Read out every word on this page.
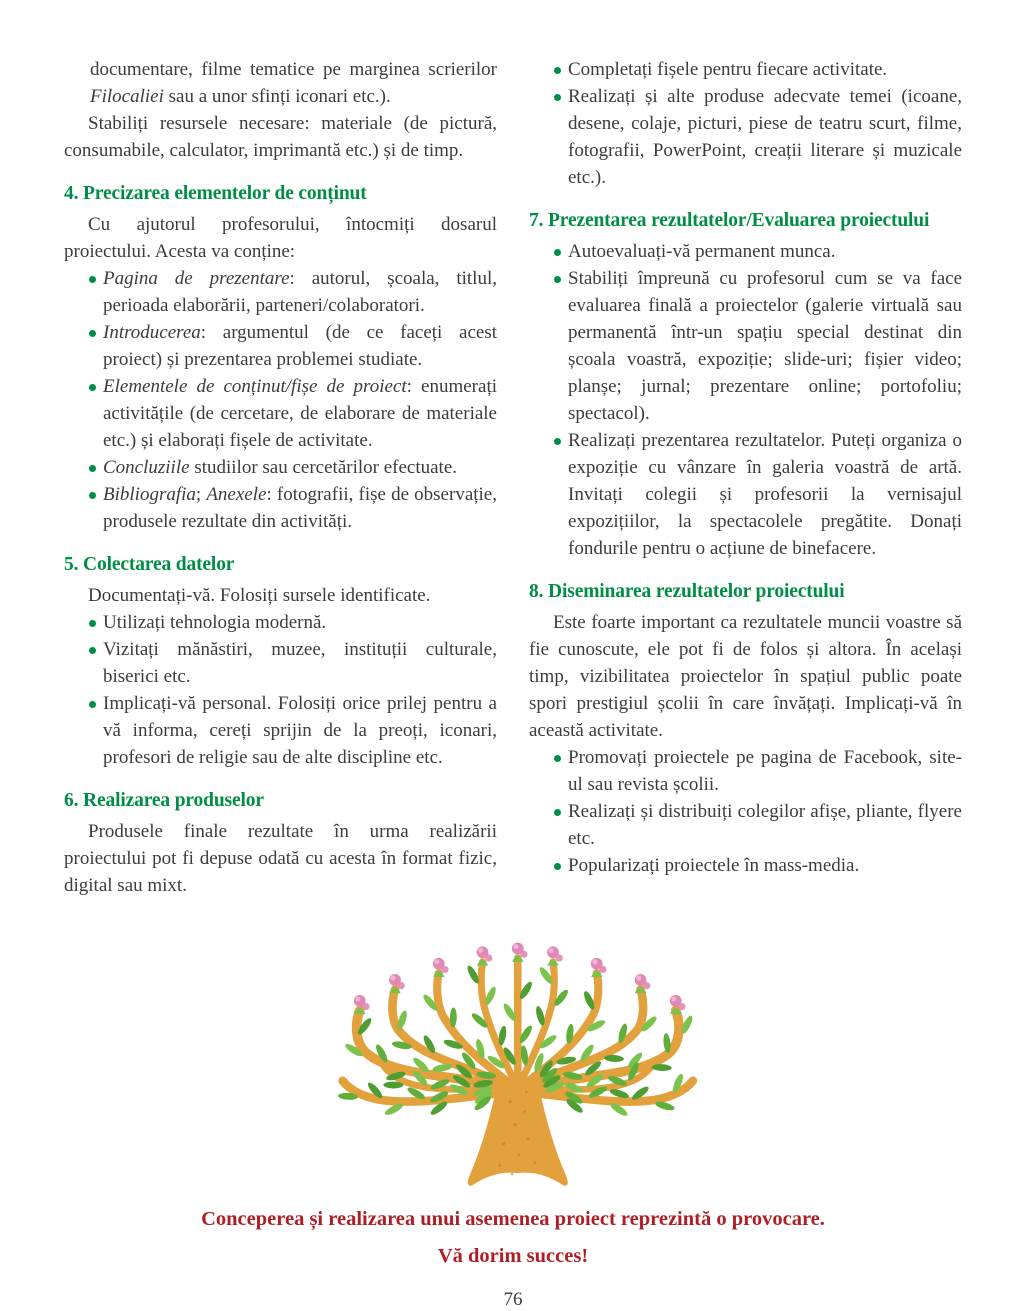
documentare, filme tematice pe marginea scrierilor Filocaliei sau a unor sfinți iconari etc.).

Stabiliți resursele necesare: materiale (de pictură, consumabile, calculator, imprimantă etc.) și de timp.

4. Precizarea elementelor de conținut

Cu ajutorul profesorului, întocmiți dosarul proiectului. Acesta va conține:

Pagina de prezentare: autorul, școala, titlul, perioada elaborării, parteneri/colaboratori.
Introducerea: argumentul (de ce faceți acest proiect) și prezentarea problemei studiate.
Elementele de conținut/fișe de proiect: enumerați activitățile (de cercetare, de elaborare de materiale etc.) și elaborați fișele de activitate.
Concluziile studiilor sau cercetărilor efectuate.
Bibliografia; Anexele: fotografii, fișe de observație, produsele rezultate din activități.
5. Colectarea datelor

Documentați-vă. Folosiți sursele identificate.

Utilizați tehnologia modernă.
Vizitați mănăstiri, muzee, instituții culturale, biserici etc.
Implicați-vă personal. Folosiți orice prilej pentru a vă informa, cereți sprijin de la preoți, iconari, profesori de religie sau de alte discipline etc.
6. Realizarea produselor

Produsele finale rezultate în urma realizării proiectului pot fi depuse odată cu acesta în format fizic, digital sau mixt.

Completați fișele pentru fiecare activitate.
Realizați și alte produse adecvate temei (icoane, desene, colaje, picturi, piese de teatru scurt, filme, fotografii, PowerPoint, creații literare și muzicale etc.).
7. Prezentarea rezultatelor/Evaluarea proiectului
Autoevaluați-vă permanent munca.
Stabiliți împreună cu profesorul cum se va face evaluarea finală a proiectelor (galerie virtuală sau permanentă într-un spațiu special destinat din școala voastră, expoziție; slide-uri; fișier video; planșe; jurnal; prezentare online; portofoliu; spectacol).
Realizați prezentarea rezultatelor. Puteți organiza o expoziție cu vânzare în galeria voastră de artă. Invitați colegii și profesorii la vernisajul expozițiilor, la spectacolele pregătite. Donați fondurile pentru o acțiune de binefacere.
8. Diseminarea rezultatelor proiectului

Este foarte important ca rezultatele muncii voastre să fie cunoscute, ele pot fi de folos și altora. În același timp, vizibilitatea proiectelor în spațiul public poate spori prestigiul școlii în care învățați. Implicați-vă în această activitate.

Promovați proiectele pe pagina de Facebook, site-ul sau revista școlii.
Realizați și distribuiți colegilor afișe, pliante, flyere etc.
Popularizați proiectele în mass-media.
Conceperea și realizarea unui asemenea proiect reprezintă o provocare.
Vă dorim succes!
76
